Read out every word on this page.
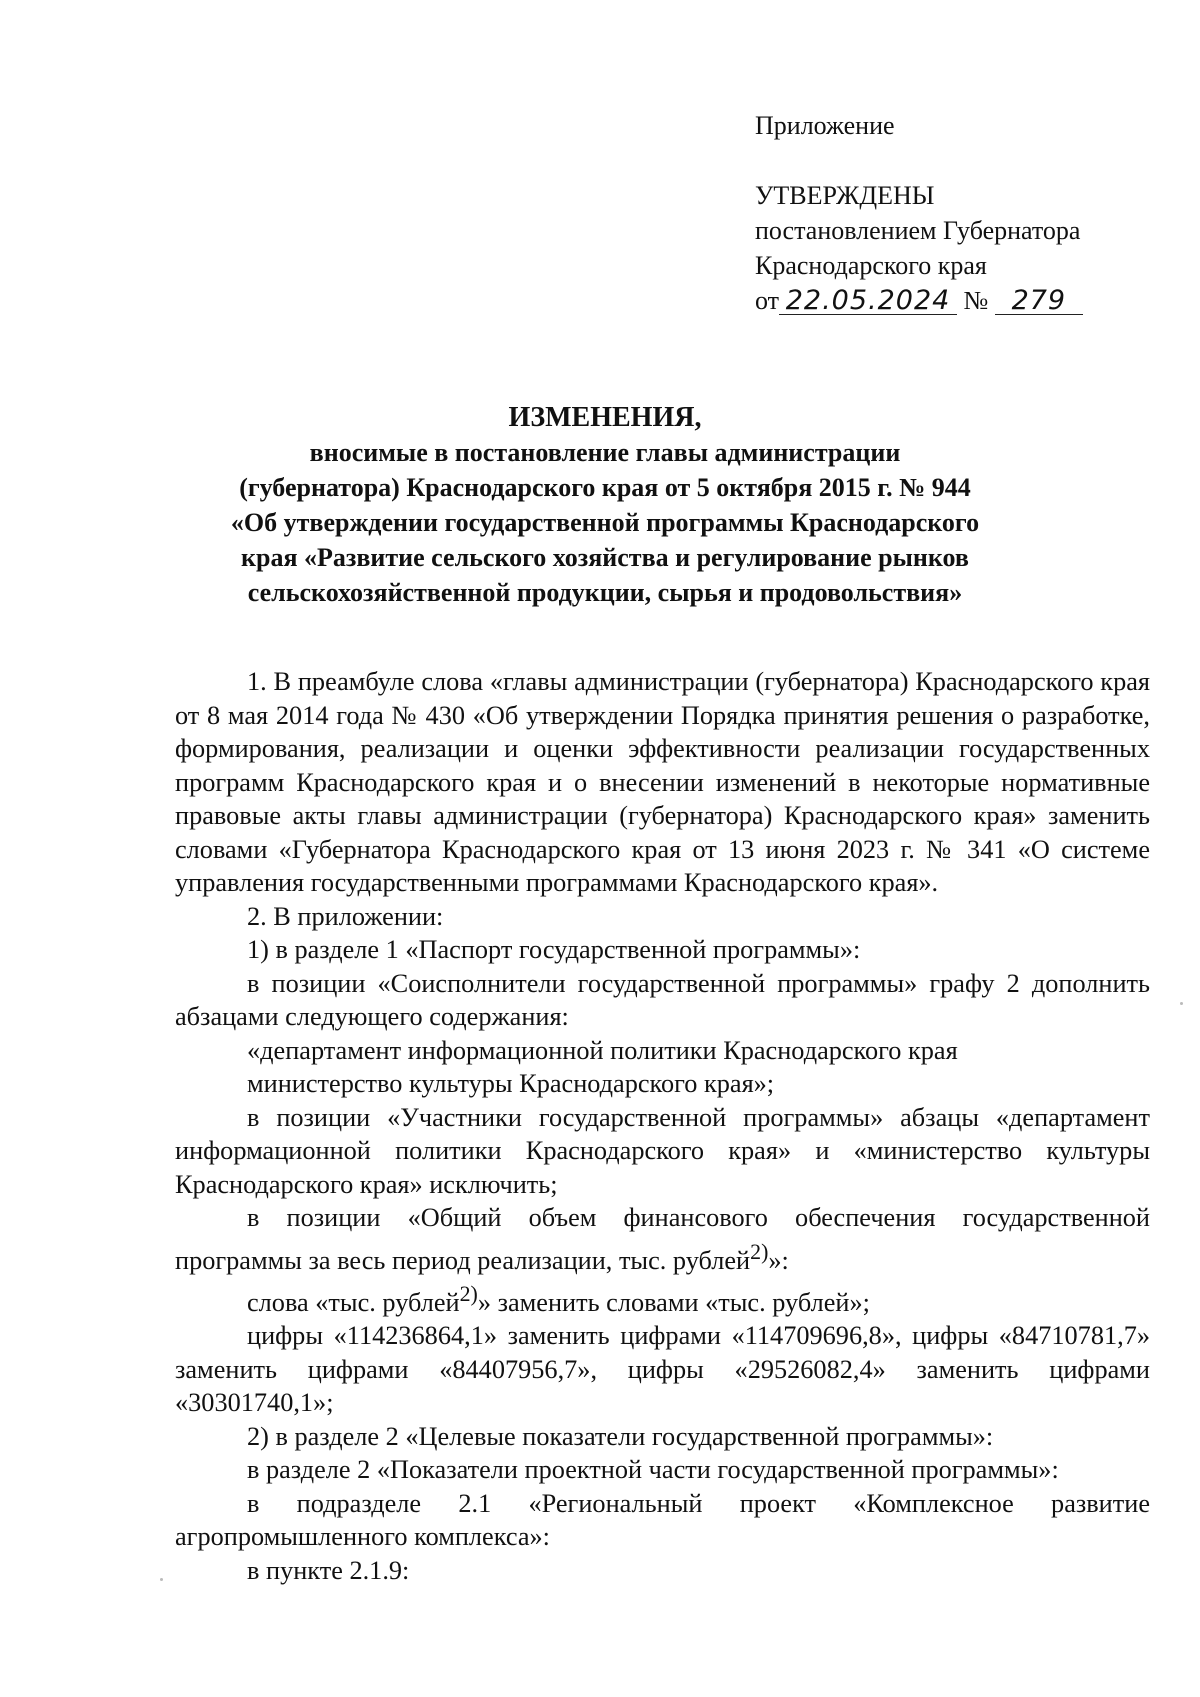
Приложение
УТВЕРЖДЕНЫ
постановлением Губернатора
Краснодарского края
от 22.05.2024 № 279
ИЗМЕНЕНИЯ,
вносимые в постановление главы администрации
(губернатора) Краснодарского края от 5 октября 2015 г. № 944
«Об утверждении государственной программы Краснодарского
края «Развитие сельского хозяйства и регулирование рынков
сельскохозяйственной продукции, сырья и продовольствия»

1. В преамбуле слова «главы администрации (губернатора) Краснодарского края от 8 мая 2014 года № 430 «Об утверждении Порядка принятия решения о разработке, формирования, реализации и оценки эффективности реализации государственных программ Краснодарского края и о внесении изменений в некоторые нормативные правовые акты главы администрации (губернатора) Краснодарского края» заменить словами «Губернатора Краснодарского края от 13 июня 2023 г. № 341 «О системе управления государственными программами Краснодарского края».

2. В приложении:

1) в разделе 1 «Паспорт государственной программы»:

в позиции «Соисполнители государственной программы» графу 2 дополнить абзацами следующего содержания:

«департамент информационной политики Краснодарского края

министерство культуры Краснодарского края»;

в позиции «Участники государственной программы» абзацы «департамент информационной политики Краснодарского края» и «министерство культуры Краснодарского края» исключить;

в позиции «Общий объем финансового обеспечения государственной программы за весь период реализации, тыс. рублей$^{2)}$»:

слова «тыс. рублей$^{2)}$» заменить словами «тыс. рублей»;

цифры «114236864,1» заменить цифрами «114709696,8», цифры «84710781,7» заменить цифрами «84407956,7», цифры «29526082,4» заменить цифрами «30301740,1»;

2) в разделе 2 «Целевые показатели государственной программы»:

в разделе 2 «Показатели проектной части государственной программы»:

в подразделе 2.1 «Региональный проект «Комплексное развитие агропромышленного комплекса»:

в пункте 2.1.9:
